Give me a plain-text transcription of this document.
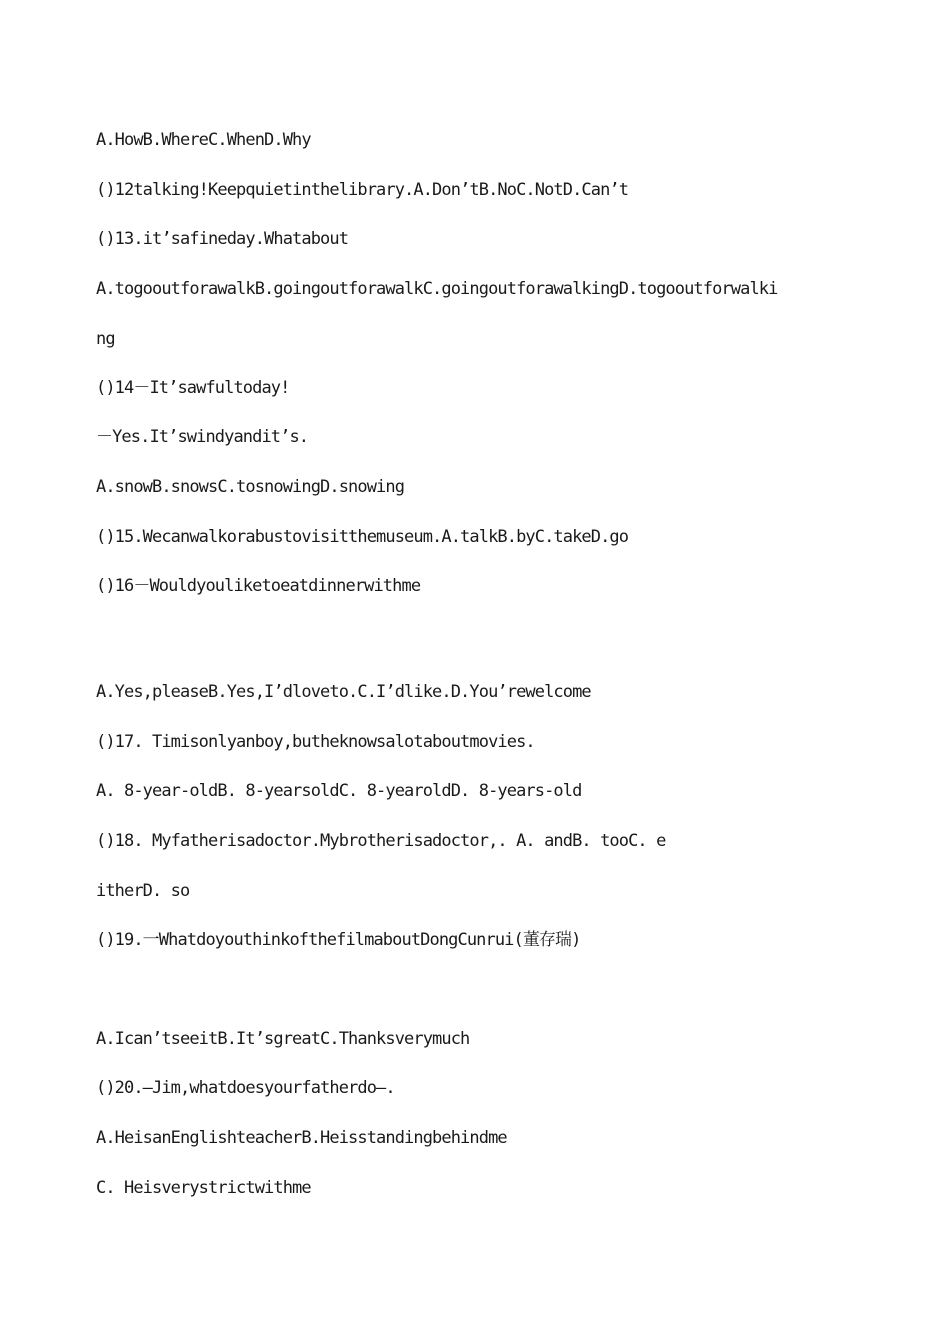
A.HowB.WhereC.WhenD.Why
()12talking!Keepquietinthelibrary.A.Don’tB.NoC.NotD.Can’t
()13.it’safineday.Whatabout
A.togooutforawalkB.goingoutforawalkC.goingoutforawalkingD.togooutforwalki
ng
()14－It’sawfultoday!
－Yes.It’swindyandit’s.
A.snowB.snowsC.tosnowingD.snowing
()15.Wecanwalkorabustovisitthemuseum.A.talkB.byC.takeD.go
()16－Wouldyouliketoeatdinnerwithme
A.Yes,pleaseB.Yes,I’dloveto.C.I’dlike.D.You’rewelcome
()17. Timisonlyanboy,butheknowsalotaboutmovies.
A. 8-year-oldB. 8-yearsoldC. 8-yearoldD. 8-years-old
()18. Myfatherisadoctor.Mybrotherisadoctor,. A. andB. tooC. e
itherD. so
()19.一WhatdoyouthinkofthefilmaboutDongCunrui(董存瑞)
A.Ican’tseeitB.It’sgreatC.Thanksverymuch
()20.—Jim,whatdoesyourfatherdo—.
A.HeisanEnglishteacherB.Heisstandingbehindme
C. Heisverystrictwithme
